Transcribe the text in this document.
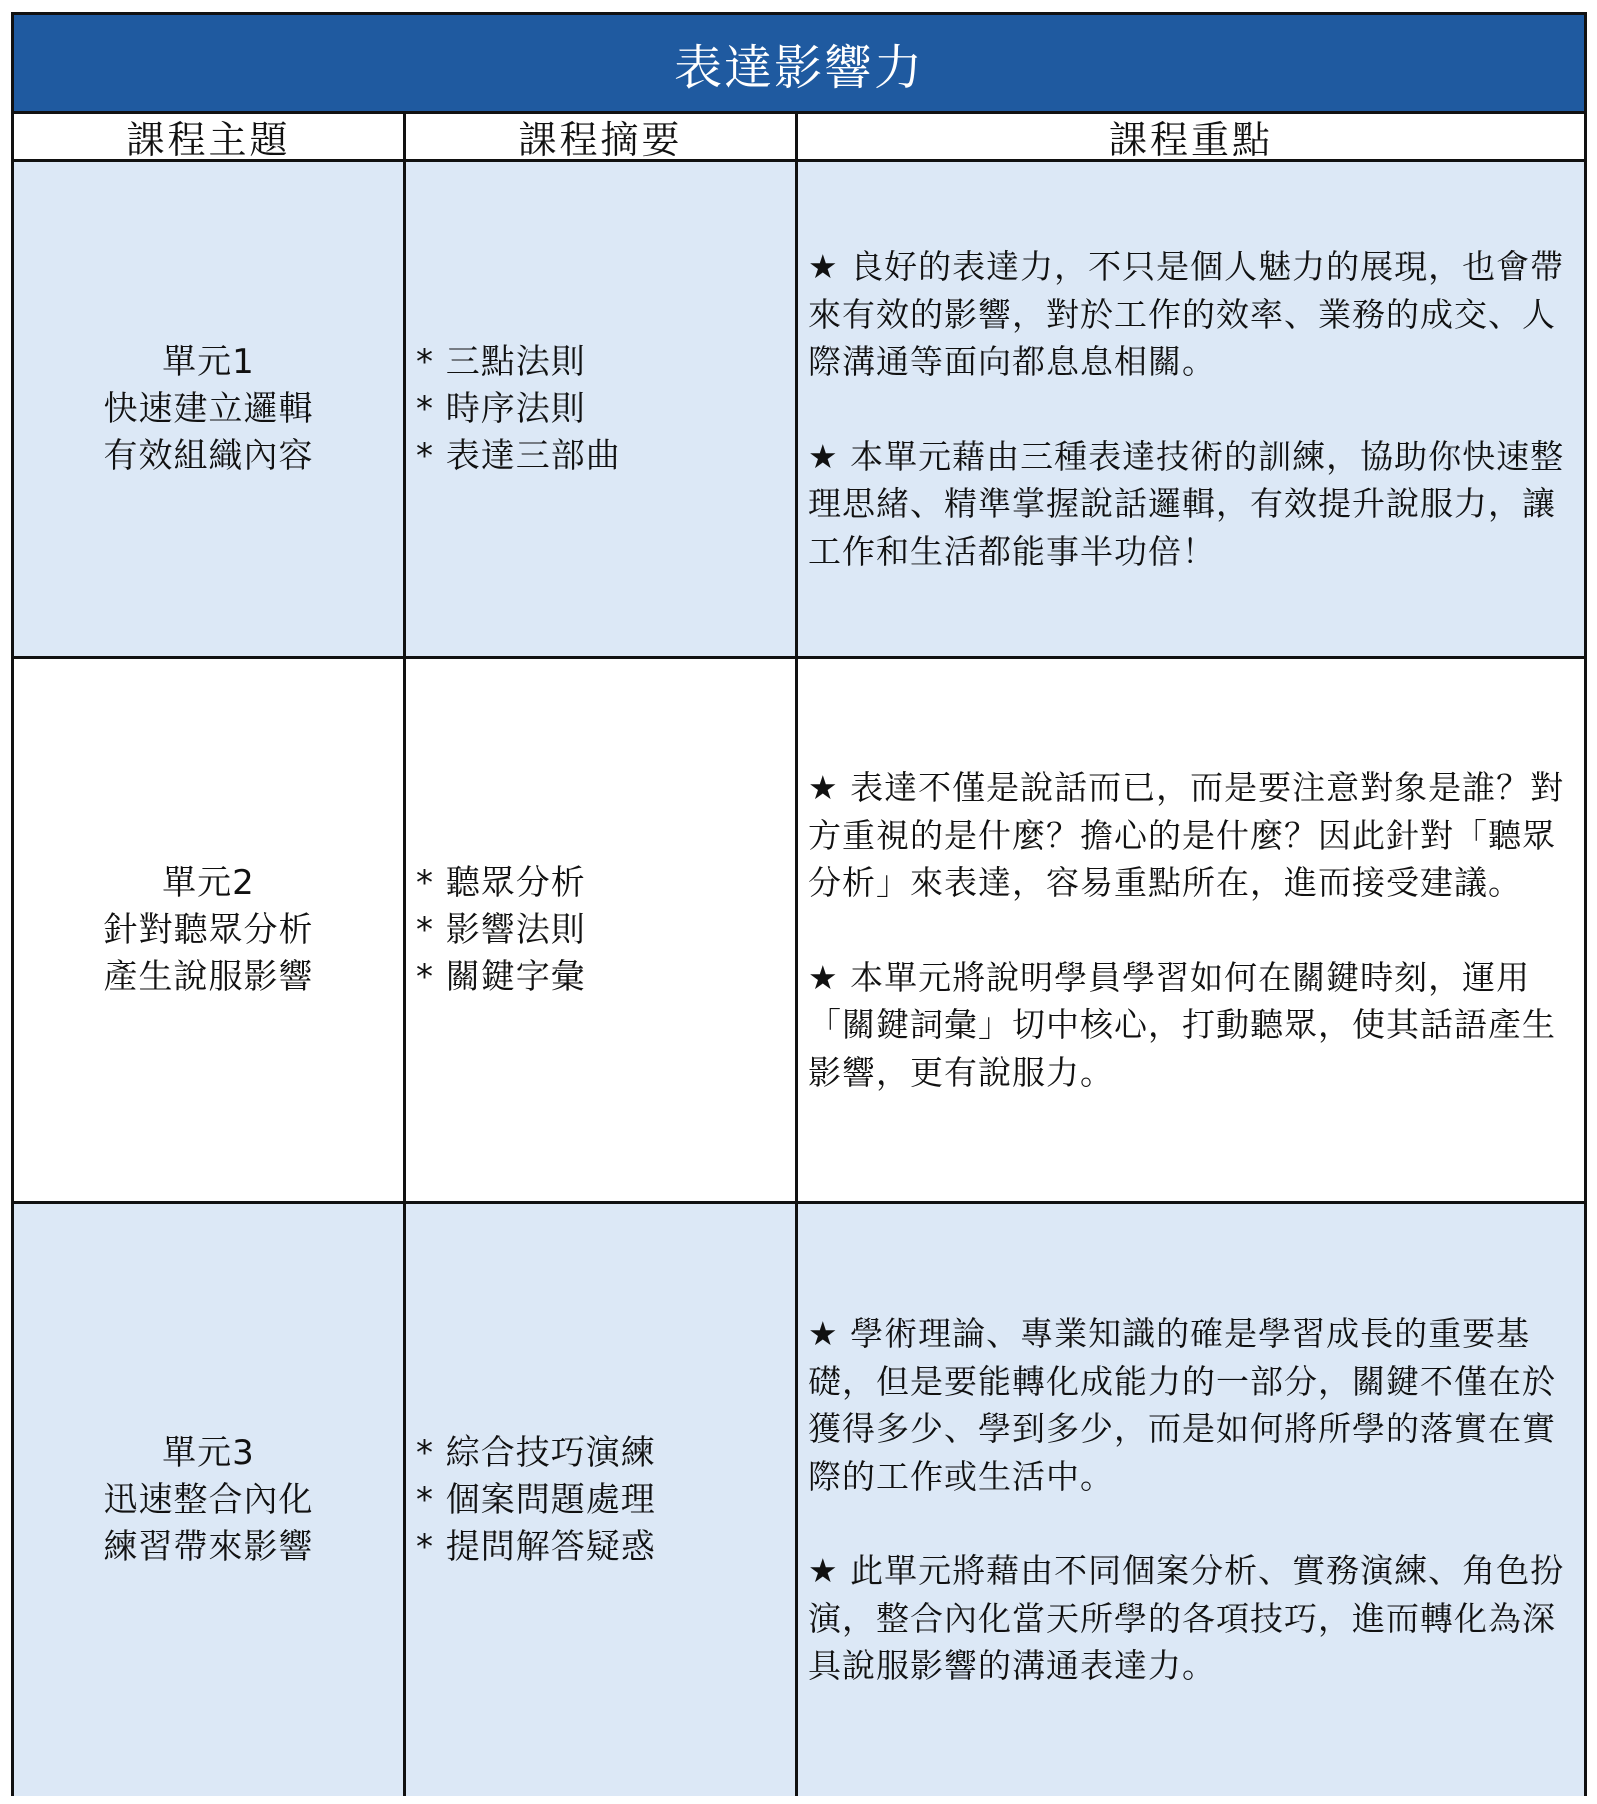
表達影響力
課程主題	課程摘要	課程重點
單元1
快速建立邏輯
有效組織內容
* 三點法則
* 時序法則
* 表達三部曲

★ 良好的表達力，不只是個人魅力的展現，也會帶來有效的影響，對於工作的效率、業務的成交、人際溝通等面向都息息相關。

★ 本單元藉由三種表達技術的訓練，協助你快速整理思緒、精準掌握說話邏輯，有效提升說服力，讓工作和生活都能事半功倍！

單元2
針對聽眾分析
產生說服影響
* 聽眾分析
* 影響法則
* 關鍵字彙

★ 表達不僅是說話而已，而是要注意對象是誰？對方重視的是什麼？擔心的是什麼？因此針對「聽眾分析」來表達，容易重點所在，進而接受建議。

★ 本單元將說明學員學習如何在關鍵時刻，運用「關鍵詞彙」切中核心，打動聽眾，使其話語產生影響，更有說服力。

單元3
迅速整合內化
練習帶來影響
* 綜合技巧演練
* 個案問題處理
* 提問解答疑惑

★ 學術理論、專業知識的確是學習成長的重要基礎，但是要能轉化成能力的一部分，關鍵不僅在於獲得多少、學到多少，而是如何將所學的落實在實際的工作或生活中。

★ 此單元將藉由不同個案分析、實務演練、角色扮演，整合內化當天所學的各項技巧，進而轉化為深具說服影響的溝通表達力。
